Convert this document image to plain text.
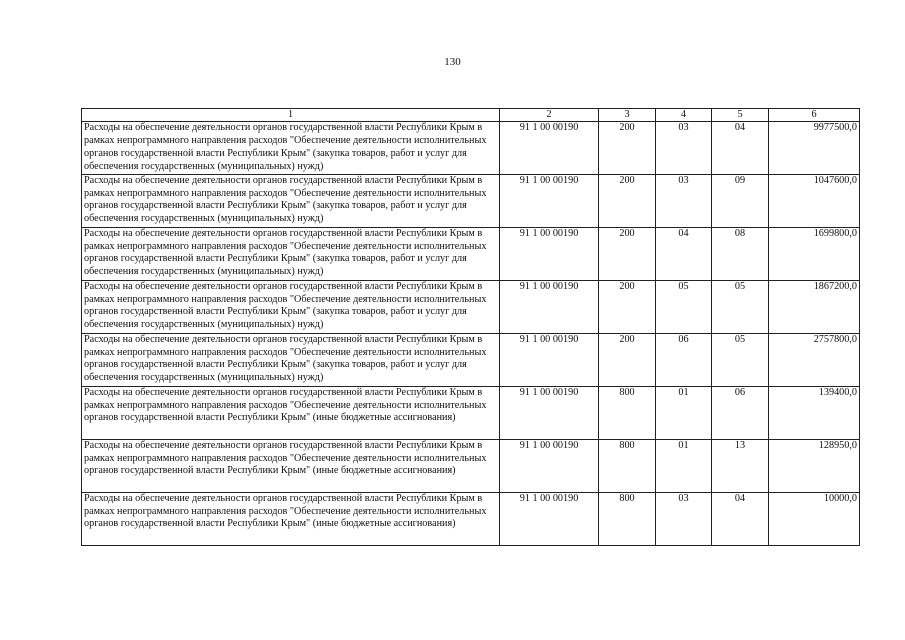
130
1	2	3	4	5	6
Расходы на обеспечение деятельности органов государственной власти Республики Крым в рамках непрограммного направления расходов "Обеспечение деятельности исполнительных органов государственной власти Республики Крым" (закупка товаров, работ и услуг для обеспечения государственных (муниципальных) нужд)	91 1 00 00190	200	03	04	9977500,0
Расходы на обеспечение деятельности органов государственной власти Республики Крым в рамках непрограммного направления расходов "Обеспечение деятельности исполнительных органов государственной власти Республики Крым" (закупка товаров, работ и услуг для обеспечения государственных (муниципальных) нужд)	91 1 00 00190	200	03	09	1047600,0
Расходы на обеспечение деятельности органов государственной власти Республики Крым в рамках непрограммного направления расходов "Обеспечение деятельности исполнительных органов государственной власти Республики Крым" (закупка товаров, работ и услуг для обеспечения государственных (муниципальных) нужд)	91 1 00 00190	200	04	08	1699800,0
Расходы на обеспечение деятельности органов государственной власти Республики Крым в рамках непрограммного направления расходов "Обеспечение деятельности исполнительных органов государственной власти Республики Крым" (закупка товаров, работ и услуг для обеспечения государственных (муниципальных) нужд)	91 1 00 00190	200	05	05	1867200,0
Расходы на обеспечение деятельности органов государственной власти Республики Крым в рамках непрограммного направления расходов "Обеспечение деятельности исполнительных органов государственной власти Республики Крым" (закупка товаров, работ и услуг для обеспечения государственных (муниципальных) нужд)	91 1 00 00190	200	06	05	2757800,0
Расходы на обеспечение деятельности органов государственной власти Республики Крым в рамках непрограммного направления расходов "Обеспечение деятельности исполнительных органов государственной власти Республики Крым" (иные бюджетные ассигнования)	91 1 00 00190	800	01	06	139400,0
Расходы на обеспечение деятельности органов государственной власти Республики Крым в рамках непрограммного направления расходов "Обеспечение деятельности исполнительных органов государственной власти Республики Крым" (иные бюджетные ассигнования)	91 1 00 00190	800	01	13	128950,0
Расходы на обеспечение деятельности органов государственной власти Республики Крым в рамках непрограммного направления расходов "Обеспечение деятельности исполнительных органов государственной власти Республики Крым" (иные бюджетные ассигнования)	91 1 00 00190	800	03	04	10000,0
